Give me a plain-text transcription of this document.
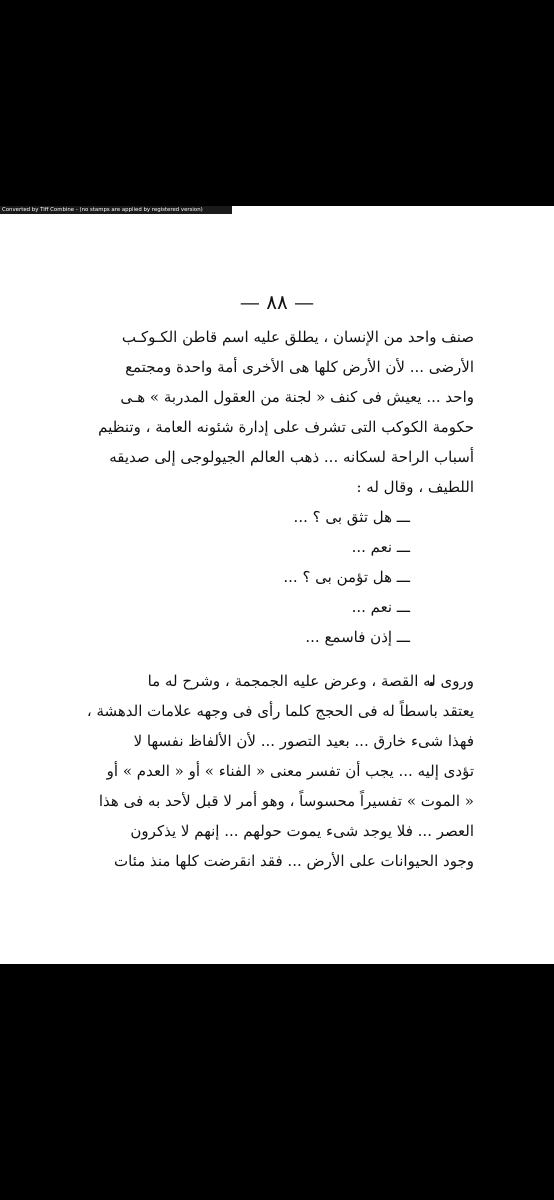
Converted by Tiff Combine - (no stamps are applied by registered version)
— ٨٨ —
صنف واحد من الإنسان ، يطلق عليه اسم قاطن الكـوكـب
الأرضى ... لأن الأرض كلها هى الأخرى أمة واحدة ومجتمع
واحد ... يعيش فى كنف « لجنة من العقول المدربة » هـى
حكومة الكوكب التى تشرف على إدارة شئونه العامة ، وتنظيم
أسباب الراحة لسكانه ... ذهب العالم الجيولوجى إلى صديقه
اللطيف ، وقال له :
ـــ هل تثق بى ؟ ...
ـــ نعم ...
ـــ هل تؤمن بى ؟ ...
ـــ نعم ...
ـــ إذن فاسمع ...
وروى له القصة ، وعرض عليه الجمجمة ، وشرح له ما
يعتقد باسطاً له فى الحجج كلما رأى فى وجهه علامات الدهشة ،
فهذا شىء خارق ... بعيد التصور ... لأن الألفاظ نفسها لا
تؤدى إليه ... يجب أن تفسر معنى « الفناء » أو « العدم » أو
« الموت » تفسيراً محسوساً ، وهو أمر لا قبل لأحد به فى هذا
العصر ... فلا يوجد شىء يموت حولهم ... إنهم لا يذكرون
وجود الحيوانات على الأرض ... فقد انقرضت كلها منذ مئات
